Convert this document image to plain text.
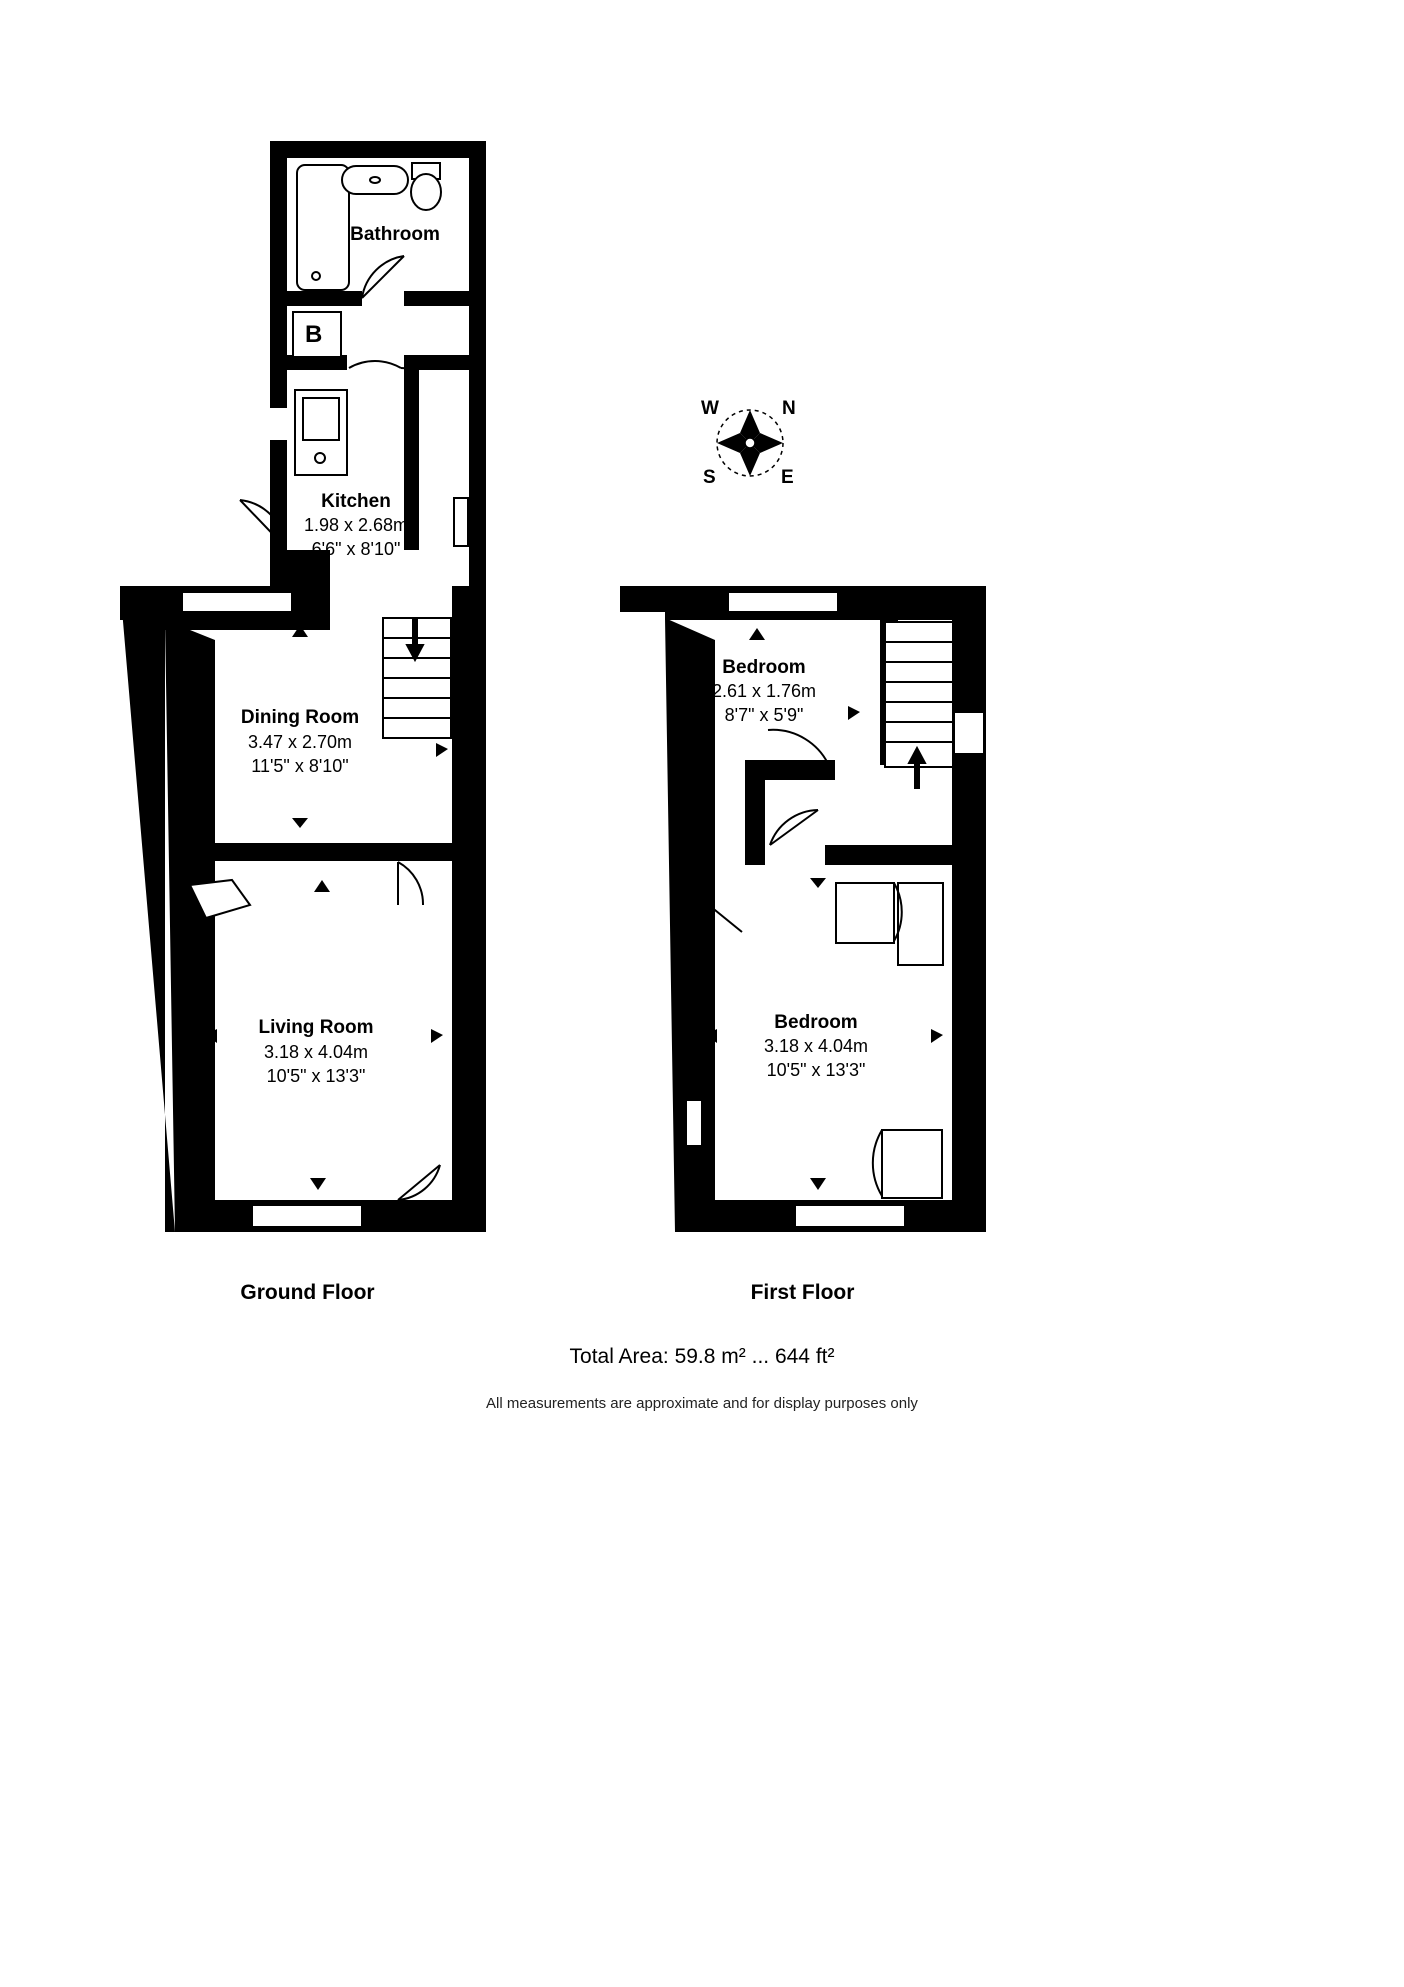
Bathroom
Kitchen
1.98 x 2.68m
6'6" x 8'10"
Dining Room
3.47 x 2.70m
11'5" x 8'10"
Living Room
3.18 x 4.04m
10'5" x 13'3"
B
Bedroom
2.61 x 1.76m
8'7" x 5'9"
Bedroom
3.18 x 4.04m
10'5" x 13'3"
W	N
S	E
Ground Floor	First Floor
Total Area: 59.8 m² ... 644 ft²
All measurements are approximate and for display purposes only
